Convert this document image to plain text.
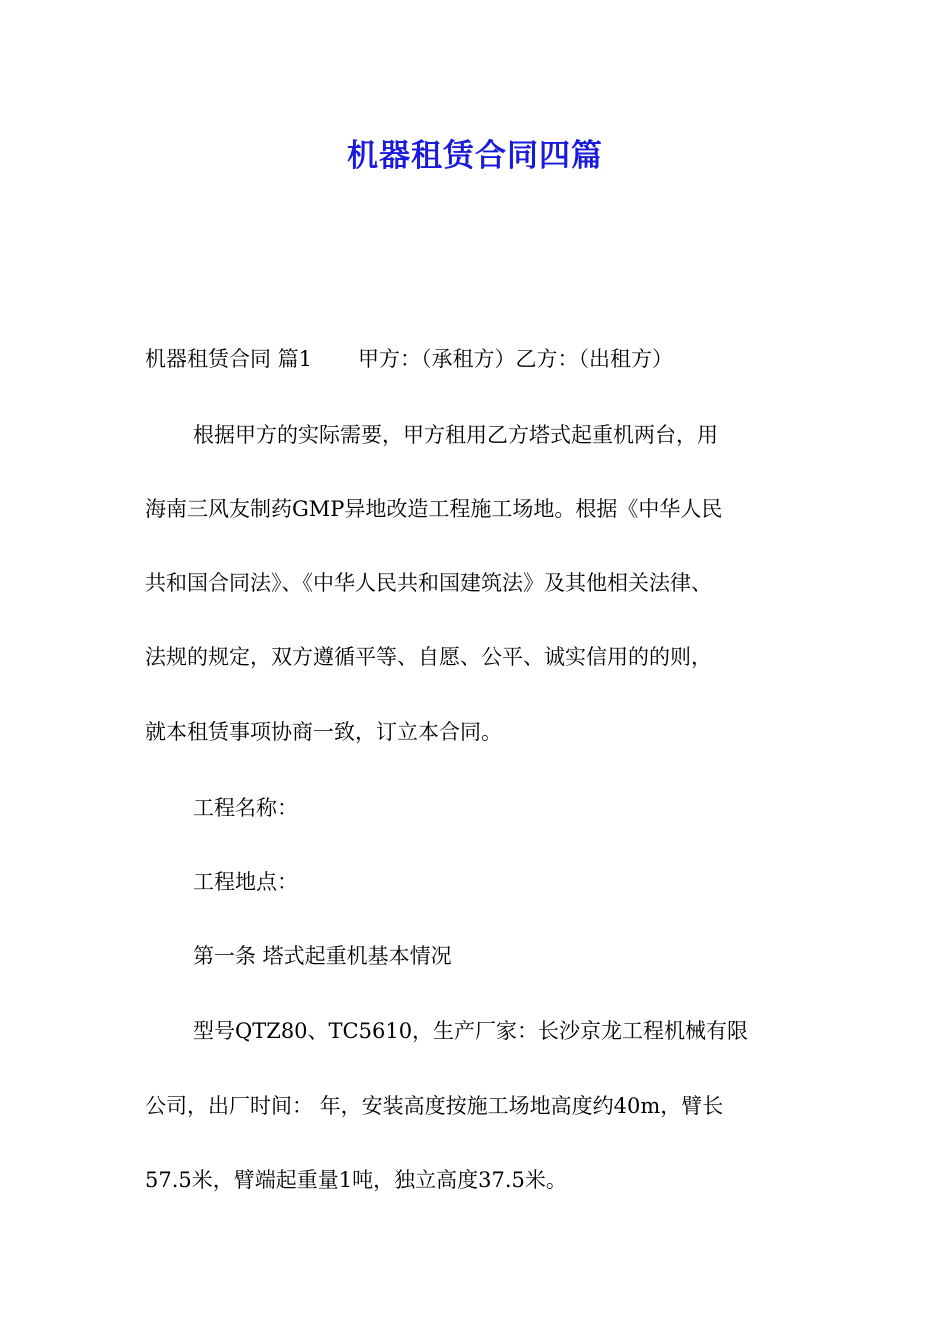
机器租赁合同四篇
机器租赁合同 篇1 甲方：（承租方）乙方：（出租方）
根据甲方的实际需要，甲方租用乙方塔式起重机两台，用
海南三风友制药GMP异地改造工程施工场地。根据《中华人民
共和国合同法》、《中华人民共和国建筑法》及其他相关法律、
法规的规定，双方遵循平等、自愿、公平、诚实信用的的则，
就本租赁事项协商一致，订立本合同。
工程名称：
工程地点：
第一条 塔式起重机基本情况
型号QTZ80、TC5610，生产厂家：长沙京龙工程机械有限
公司，出厂时间： 年，安装高度按施工场地高度约40m，臂长
57.5米，臂端起重量1吨，独立高度37.5米。
